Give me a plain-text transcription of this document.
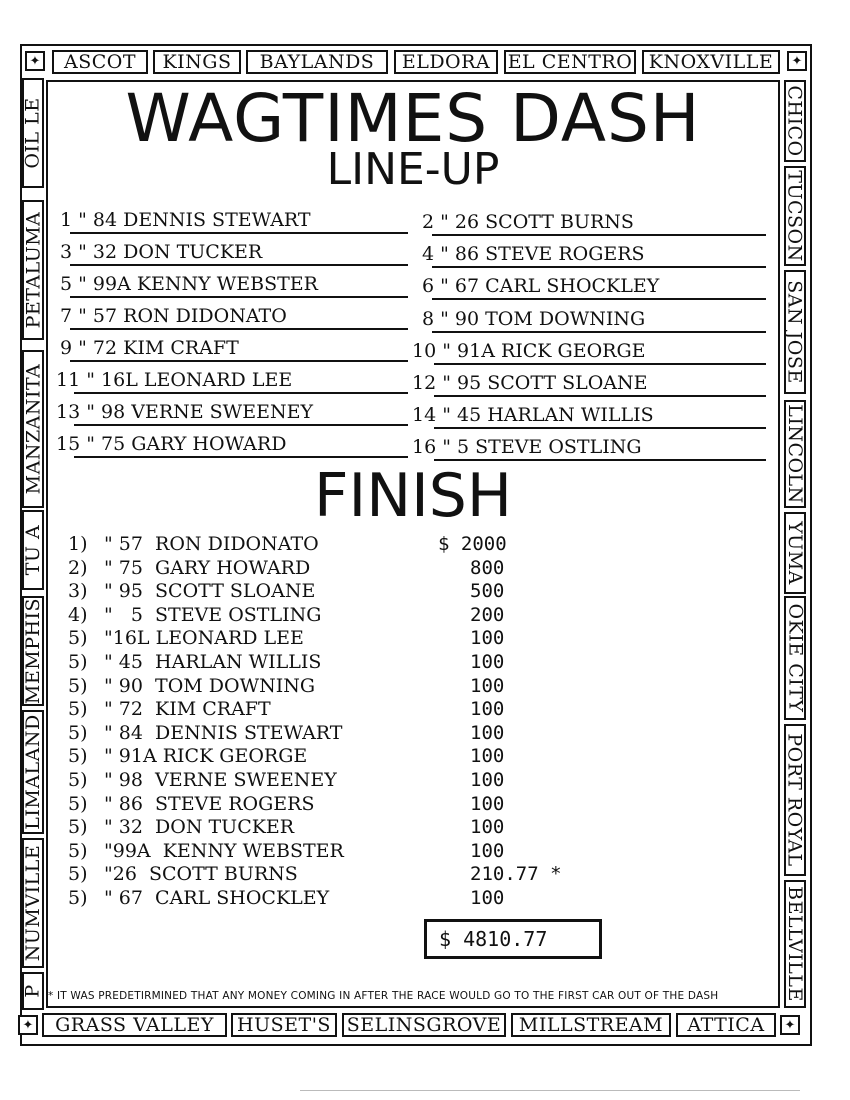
✦	✦
✦	✦
ASCOT	KINGS	BAYLANDS	ELDORA EL CENTRO KNOXVILLE
GRASS VALLEY	HUSET'S SELINSGROVE MILLSTREAM	ATTICA
OIL LE
PETALUMA
MANZANITA
TU A
MEMPHIS
LIMALAND
NUMVILLE
P
CHICO
TUCSON
SAN JOSE
LINCOLN
YUMA
OKIE CITY
PORT ROYAL
BELLVILLE
WAGTIMES DASH
LINE-UP
1 " 84 DENNIS STEWART
3 " 32 DON TUCKER
5 " 99A KENNY WEBSTER
7 " 57 RON DIDONATO
9 " 72 KIM CRAFT
11 " 16L LEONARD LEE
13 " 98 VERNE SWEENEY
15 " 75 GARY HOWARD
2 " 26 SCOTT BURNS
4 " 86 STEVE ROGERS
6 " 67 CARL SHOCKLEY
8 " 90 TOM DOWNING
10 " 91A RICK GEORGE
12 " 95 SCOTT SLOANE
14 " 45 HARLAN WILLIS
16 " 5 STEVE OSTLING
FINISH
1) " 57  RON DIDONATO	$ 2000
2) " 75  GARY HOWARD	800
3) " 95  SCOTT SLOANE	500
4) "   5  STEVE OSTLING	200
5) "16L LEONARD LEE	100
5) " 45  HARLAN WILLIS	100
5) " 90  TOM DOWNING	100
5) " 72  KIM CRAFT	100
5) " 84  DENNIS STEWART	100
5) " 91A RICK GEORGE	100
5) " 98  VERNE SWEENEY	100
5) " 86  STEVE ROGERS	100
5) " 32  DON TUCKER	100
5) "99A  KENNY WEBSTER	100
5) "26  SCOTT BURNS	210.77 *
5) " 67  CARL SHOCKLEY	100
$ 4810.77
* IT WAS PREDETIRMINED THAT ANY MONEY COMING IN AFTER THE RACE WOULD GO TO THE FIRST CAR OUT OF THE DASH
